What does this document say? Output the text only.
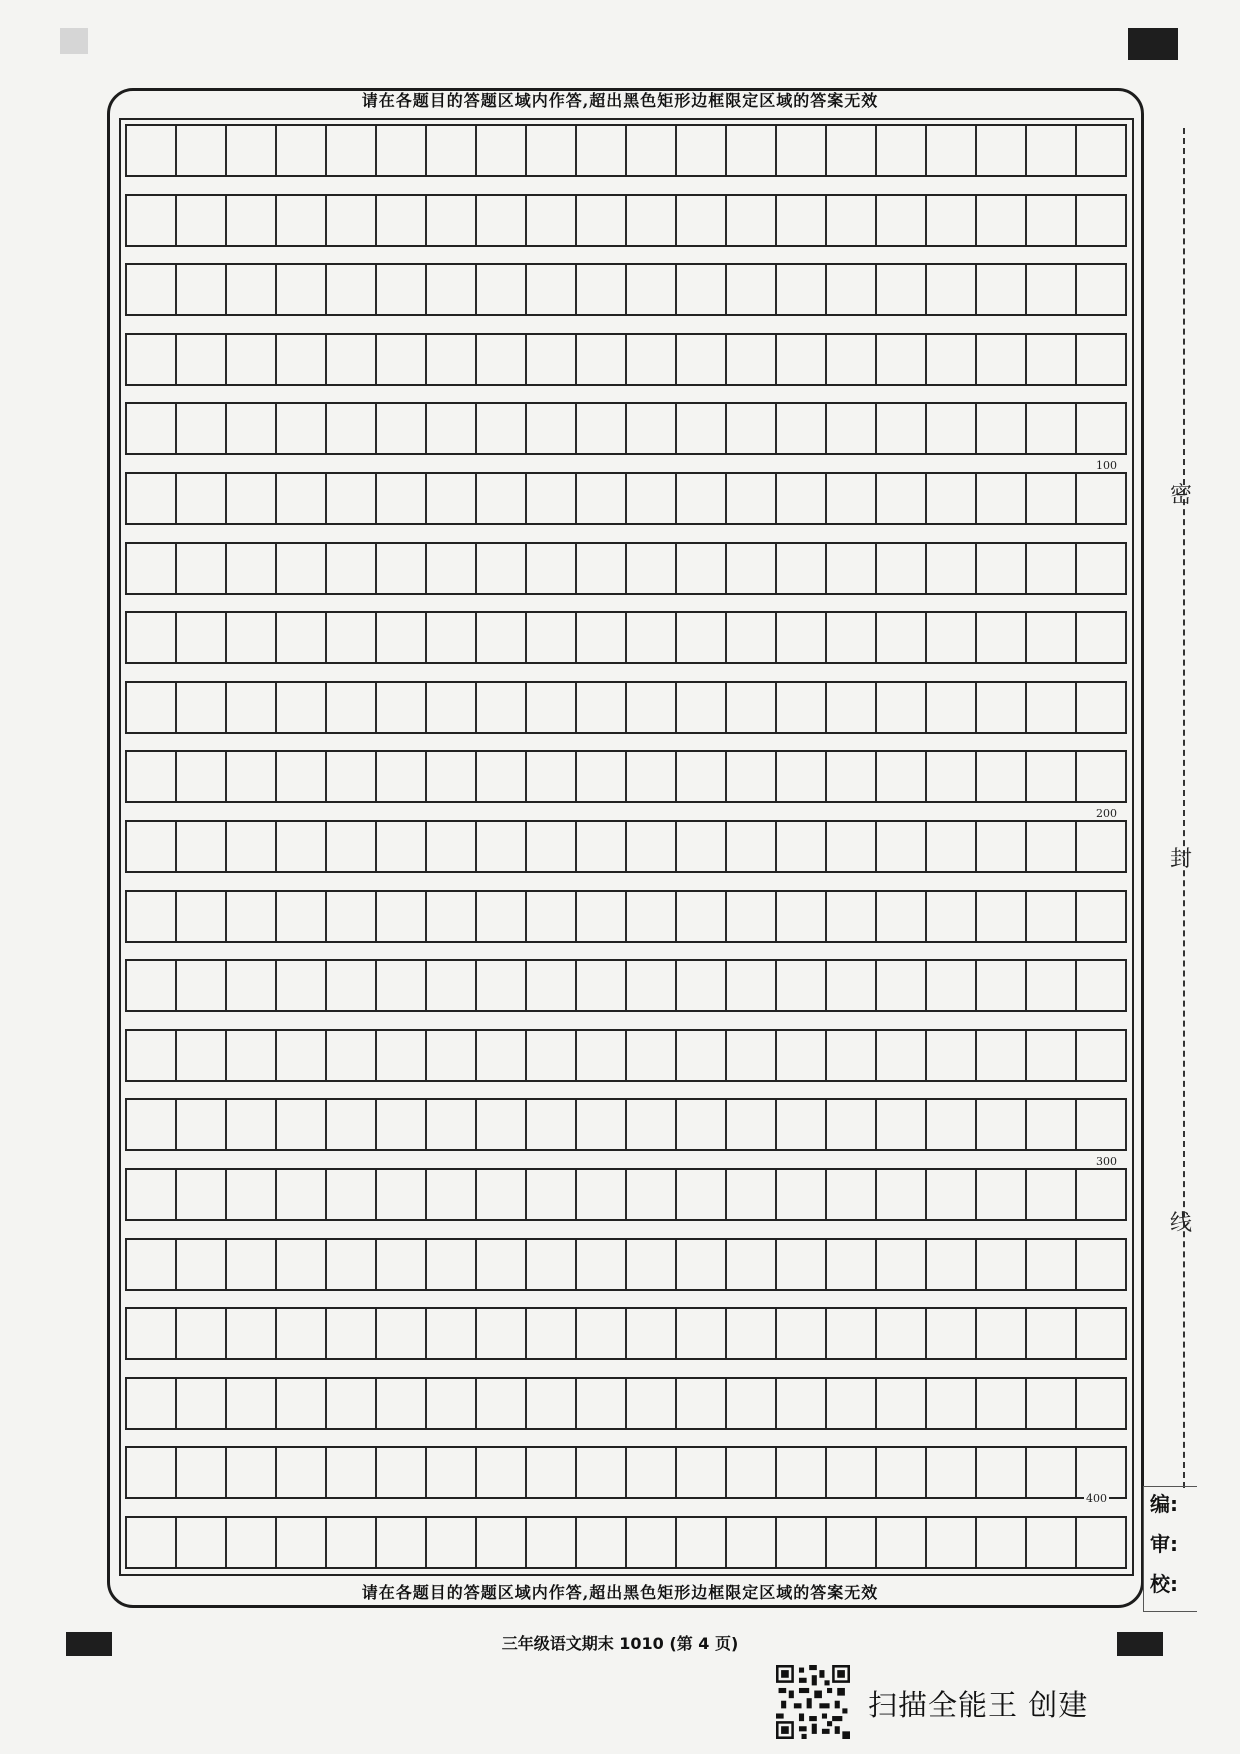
请在各题目的答题区域内作答,超出黑色矩形边框限定区域的答案无效
请在各题目的答题区域内作答,超出黑色矩形边框限定区域的答案无效
100
200
300
400
密
封
线
编:
审:
校:
三年级语文期末 1010 (第 4 页)
扫描全能王 创建
